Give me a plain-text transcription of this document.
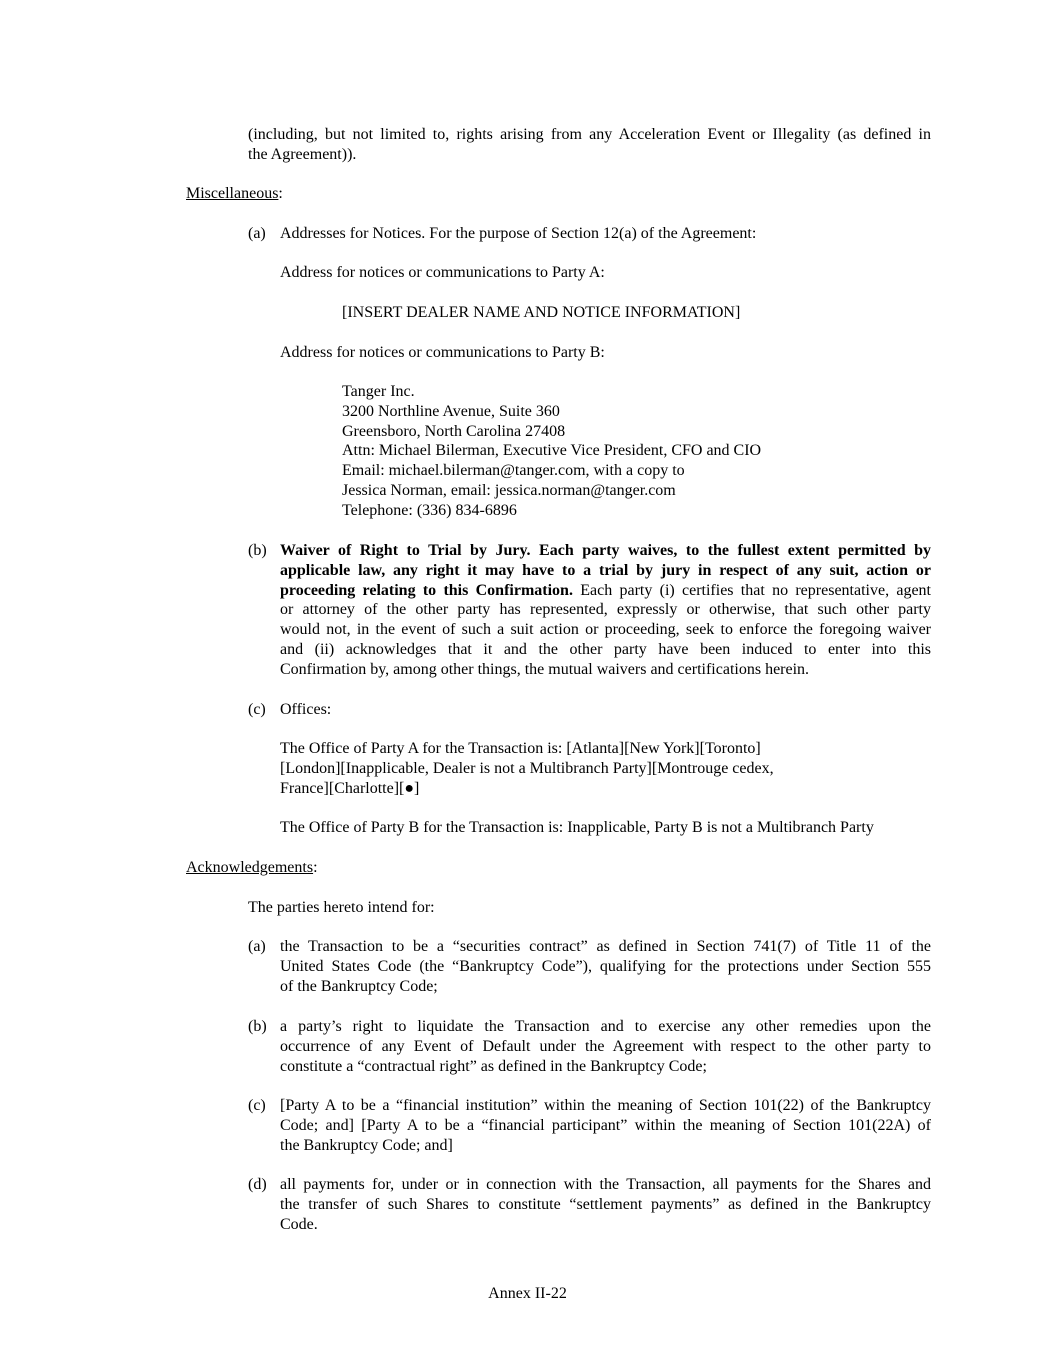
(including, but not limited to, rights arising from any Acceleration Event or Illegality (as defined in
the Agreement)).
Miscellaneous:
(a) Addresses for Notices. For the purpose of Section 12(a) of the Agreement:
Address for notices or communications to Party A:
[INSERT DEALER NAME AND NOTICE INFORMATION]
Address for notices or communications to Party B:
Tanger Inc.
3200 Northline Avenue, Suite 360
Greensboro, North Carolina 27408
Attn: Michael Bilerman, Executive Vice President, CFO and CIO
Email: michael.bilerman@tanger.com, with a copy to
Jessica Norman, email: jessica.norman@tanger.com
Telephone: (336) 834-6896
(b) Waiver of Right to Trial by Jury. Each party waives, to the fullest extent permitted by
applicable law, any right it may have to a trial by jury in respect of any suit, action or
proceeding relating to this Confirmation. Each party (i) certifies that no representative, agent
or attorney of the other party has represented, expressly or otherwise, that such other party
would not, in the event of such a suit action or proceeding, seek to enforce the foregoing waiver
and (ii) acknowledges that it and the other party have been induced to enter into this
Confirmation by, among other things, the mutual waivers and certifications herein.
(c) Offices:
The Office of Party A for the Transaction is: [Atlanta][New York][Toronto]
[London][Inapplicable, Dealer is not a Multibranch Party][Montrouge cedex,
France][Charlotte][●]
The Office of Party B for the Transaction is: Inapplicable, Party B is not a Multibranch Party
Acknowledgements:
The parties hereto intend for:
(a) the Transaction to be a “securities contract” as defined in Section 741(7) of Title 11 of the
United States Code (the “Bankruptcy Code”), qualifying for the protections under Section 555
of the Bankruptcy Code;
(b) a party’s right to liquidate the Transaction and to exercise any other remedies upon the
occurrence of any Event of Default under the Agreement with respect to the other party to
constitute a “contractual right” as defined in the Bankruptcy Code;
(c) [Party A to be a “financial institution” within the meaning of Section 101(22) of the Bankruptcy
Code; and] [Party A to be a “financial participant” within the meaning of Section 101(22A) of
the Bankruptcy Code; and]
(d) all payments for, under or in connection with the Transaction, all payments for the Shares and
the transfer of such Shares to constitute “settlement payments” as defined in the Bankruptcy
Code.
Annex II-22
